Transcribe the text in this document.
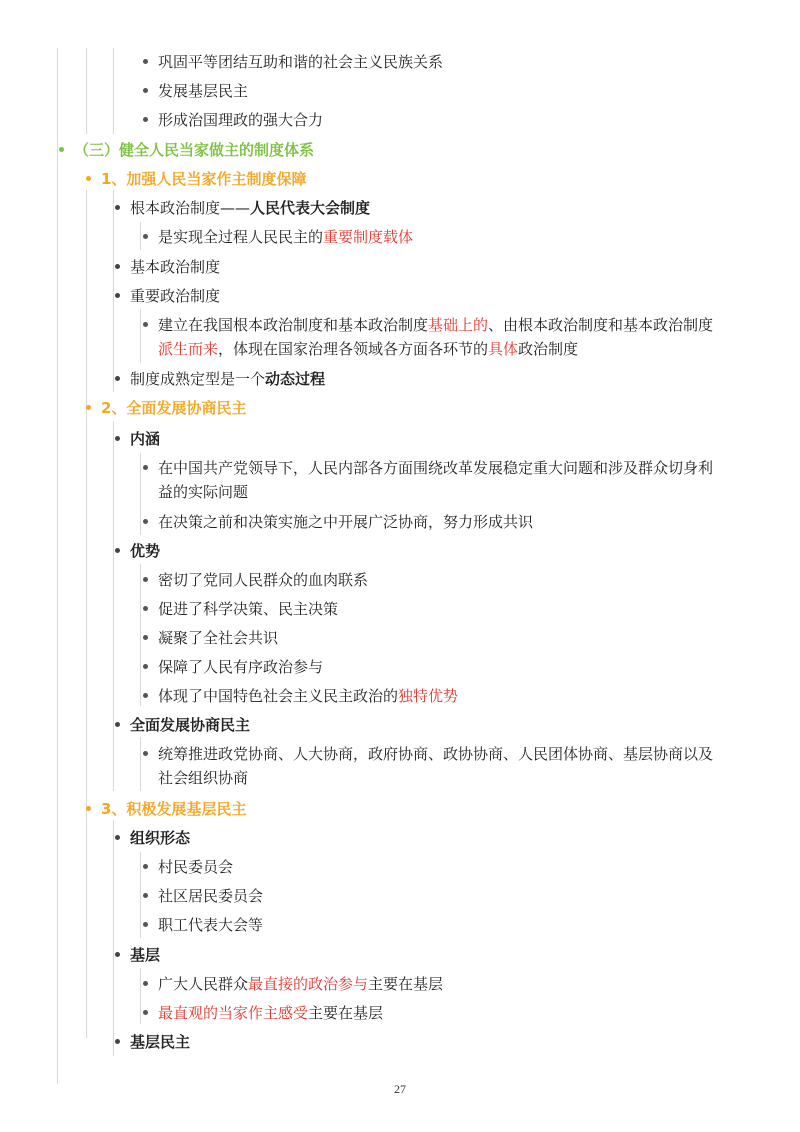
巩固平等团结互助和谐的社会主义民族关系
发展基层民主
形成治国理政的强大合力
（三）健全人民当家做主的制度体系
1、加强人民当家作主制度保障
根本政治制度——人民代表大会制度
是实现全过程人民民主的重要制度载体
基本政治制度
重要政治制度
建立在我国根本政治制度和基本政治制度基础上的、由根本政治制度和基本政治制度
派生而来，体现在国家治理各领域各方面各环节的具体政治制度
制度成熟定型是一个动态过程
2、全面发展协商民主
内涵
在中国共产党领导下，人民内部各方面围绕改革发展稳定重大问题和涉及群众切身利
益的实际问题
在决策之前和决策实施之中开展广泛协商，努力形成共识
优势
密切了党同人民群众的血肉联系
促进了科学决策、民主决策
凝聚了全社会共识
保障了人民有序政治参与
体现了中国特色社会主义民主政治的独特优势
全面发展协商民主
统筹推进政党协商、人大协商，政府协商、政协协商、人民团体协商、基层协商以及
社会组织协商
3、积极发展基层民主
组织形态
村民委员会
社区居民委员会
职工代表大会等
基层
广大人民群众最直接的政治参与主要在基层
最直观的当家作主感受主要在基层
基层民主
27
